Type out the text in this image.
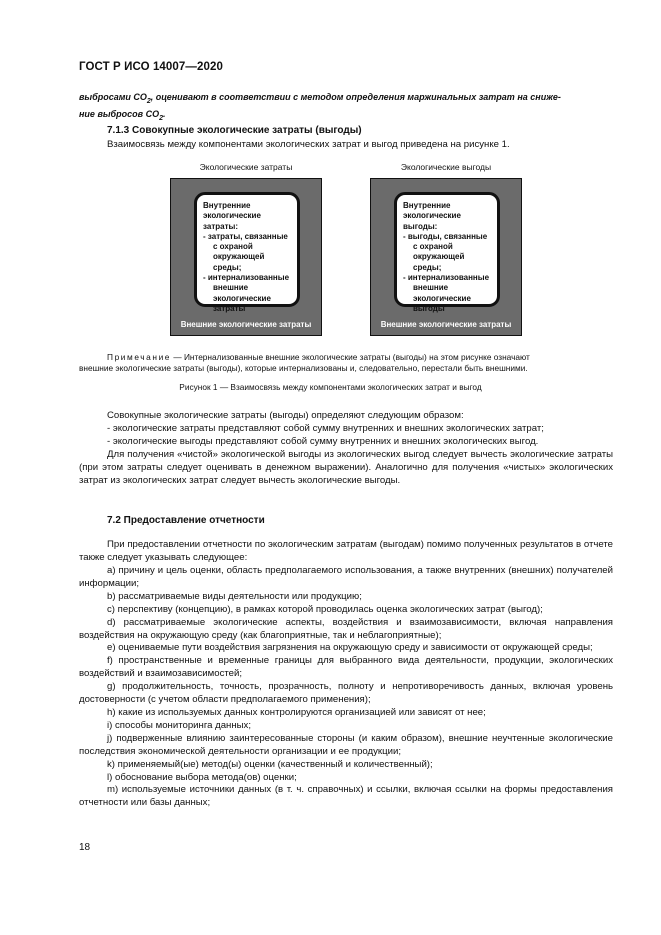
ГОСТ Р ИСО 14007—2020
выбросами $CO_2$, оценивают в соответствии с методом определения маржинальных затрат на сниже-
ние выбросов $CO_2$.
7.1.3 Совокупные экологические затраты (выгоды)
Взаимосвязь между компонентами экологических затрат и выгод приведена на рисунке 1.
Экологические затраты	Экологические выгоды
Внутренние
экологические
затраты:
- затраты, связанные
с охраной
окружающей среды;
- интернализованные
внешние
экологические
затраты
Внешние экологические затраты
Внутренние
экологические
выгоды:
- выгоды, связанные
с охраной
окружающей среды;
- интернализованные
внешние
экологические
выгоды
Внешние экологические затраты
Примечание — Интернализованные внешние экологические затраты (выгоды) на этом рисунке означают
внешние экологические затраты (выгоды), которые интернализованы и, следовательно, перестали быть внешними.
Рисунок 1 — Взаимосвязь между компонентами экологических затрат и выгод
Совокупные экологические затраты (выгоды) определяют следующим образом:
- экологические затраты представляют собой сумму внутренних и внешних экологических затрат;
- экологические выгоды представляют собой сумму внутренних и внешних экологических выгод.
Для получения «чистой» экологической выгоды из экологических выгод следует вычесть экологические затраты (при этом затраты следует оценивать в денежном выражении). Аналогично для получения «чистых» экологических затрат из экологических затрат следует вычесть экологические выгоды.
7.2 Предоставление отчетности
При предоставлении отчетности по экологическим затратам (выгодам) помимо полученных результатов в отчете также следует указывать следующее:
a) причину и цель оценки, область предполагаемого использования, а также внутренних (внешних) получателей информации;
b) рассматриваемые виды деятельности или продукцию;
c) перспективу (концепцию), в рамках которой проводилась оценка экологических затрат (выгод);
d) рассматриваемые экологические аспекты, воздействия и взаимозависимости, включая направления воздействия на окружающую среду (как благоприятные, так и неблагоприятные);
e) оцениваемые пути воздействия загрязнения на окружающую среду и зависимости от окружающей среды;
f) пространственные и временные границы для выбранного вида деятельности, продукции, экологических воздействий и взаимозависимостей;
g) продолжительность, точность, прозрачность, полноту и непротиворечивость данных, включая уровень достоверности (с учетом области предполагаемого применения);
h) какие из используемых данных контролируются организацией или зависят от нее;
i) способы мониторинга данных;
j) подверженные влиянию заинтересованные стороны (и каким образом), внешние неучтенные экологические последствия экономической деятельности организации и ее продукции;
k) применяемый(ые) метод(ы) оценки (качественный и количественный);
l) обоснование выбора метода(ов) оценки;
m) используемые источники данных (в т. ч. справочных) и ссылки, включая ссылки на формы предоставления отчетности или базы данных;
18
